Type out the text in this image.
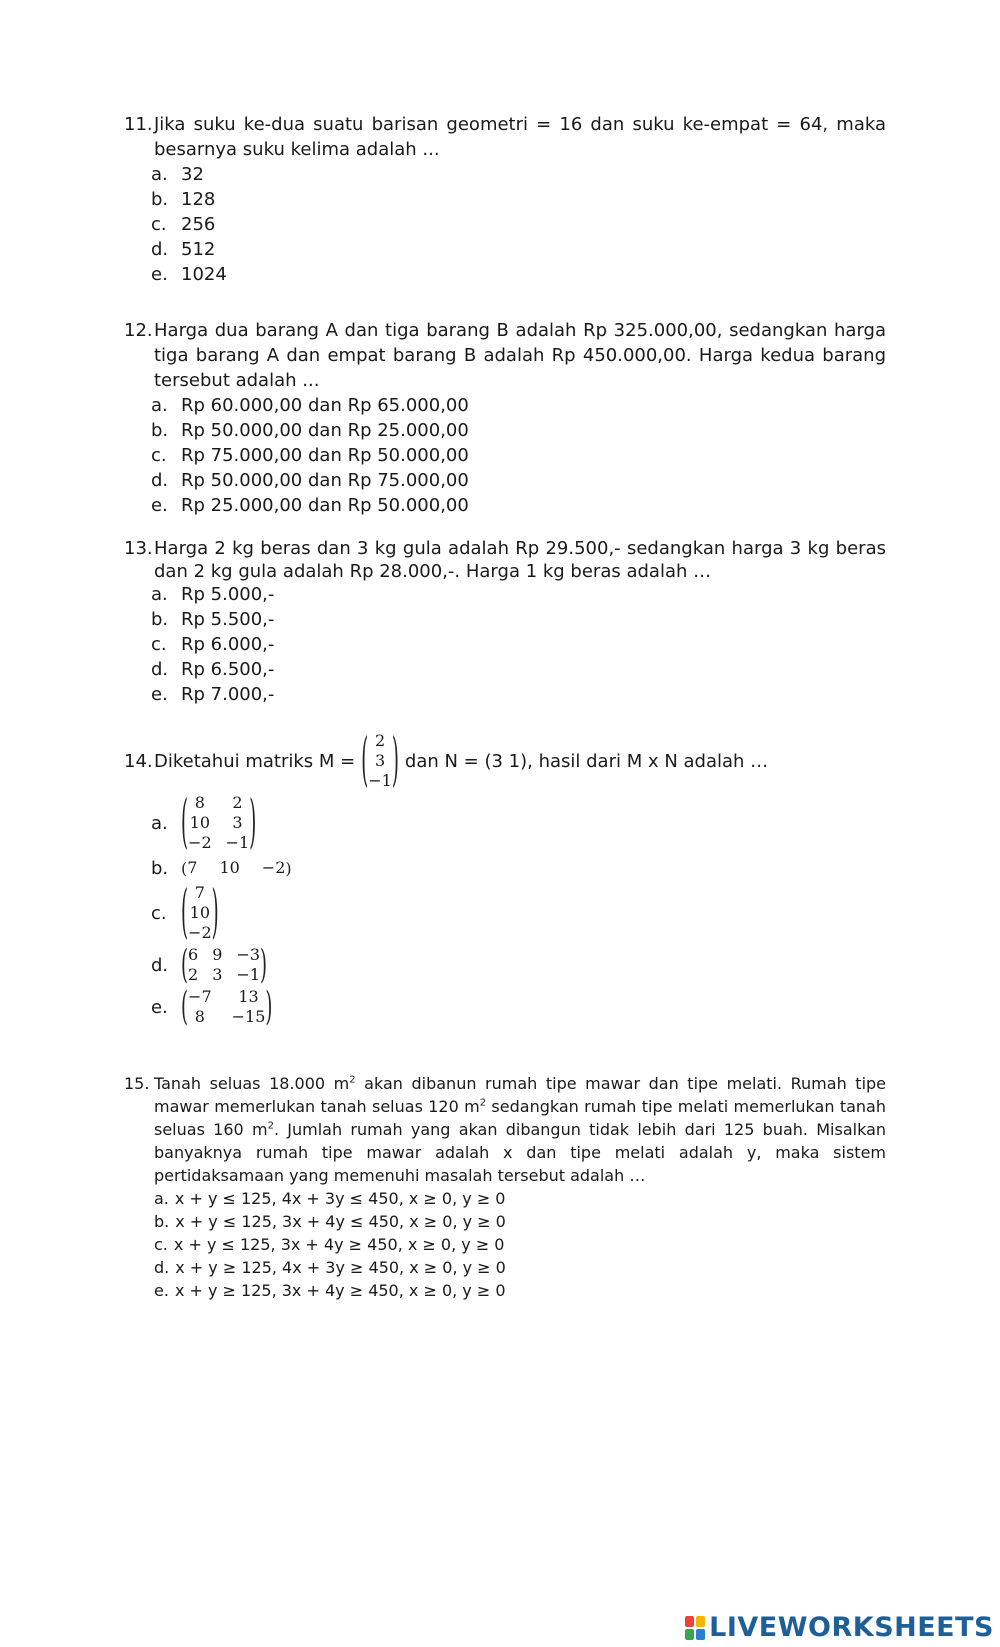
11. Jika suku ke-dua suatu barisan geometri = 16 dan suku ke-empat = 64, maka besarnya suku kelima adalah ...
a. 32
b. 128
c. 256
d. 512
e. 1024
12. Harga dua barang A dan tiga barang B adalah Rp 325.000,00, sedangkan harga tiga barang A dan empat barang B adalah Rp 450.000,00. Harga kedua barang tersebut adalah ...
a. Rp 60.000,00 dan Rp 65.000,00
b. Rp 50.000,00 dan Rp 25.000,00
c. Rp 75.000,00 dan Rp 50.000,00
d. Rp 50.000,00 dan Rp 75.000,00
e. Rp 25.000,00 dan Rp 50.000,00
13. Harga 2 kg beras dan 3 kg gula adalah Rp 29.500,- sedangkan harga 3 kg beras dan 2 kg gula adalah Rp 28.000,-. Harga 1 kg beras adalah …
a. Rp 5.000,-
b. Rp 5.500,-
c. Rp 6.000,-
d. Rp 6.500,-
e. Rp 7.000,-
14. Diketahui matriks M = ( 2
3
−1 ) dan N = (3 1), hasil dari M x N adalah …
a. ( 8	2
10	3
−2 −1 )
b. ( 7 10 −2 )
c. ( 7
10
−2 )
d. ( 6 9 −3
2 3 −1 )
e. ( −7	13
8	−15 )
15. Tanah seluas 18.000 $m^2$ akan dibanun rumah tipe mawar dan tipe melati. Rumah tipe mawar memerlukan tanah seluas 120 $m^2$ sedangkan rumah tipe melati memerlukan tanah seluas 160 $m^2$. Jumlah rumah yang akan dibangun tidak lebih dari 125 buah. Misalkan banyaknya rumah tipe mawar adalah x dan tipe melati adalah y, maka sistem pertidaksamaan yang memenuhi masalah tersebut adalah …
a. x + y ≤ 125, 4x + 3y ≤ 450, x ≥ 0, y ≥ 0
b. x + y ≤ 125, 3x + 4y ≤ 450, x ≥ 0, y ≥ 0
c. x + y ≤ 125, 3x + 4y ≥ 450, x ≥ 0, y ≥ 0
d. x + y ≥ 125, 4x + 3y ≥ 450, x ≥ 0, y ≥ 0
e. x + y ≥ 125, 3x + 4y ≥ 450, x ≥ 0, y ≥ 0
LIVEWORKSHEETS
